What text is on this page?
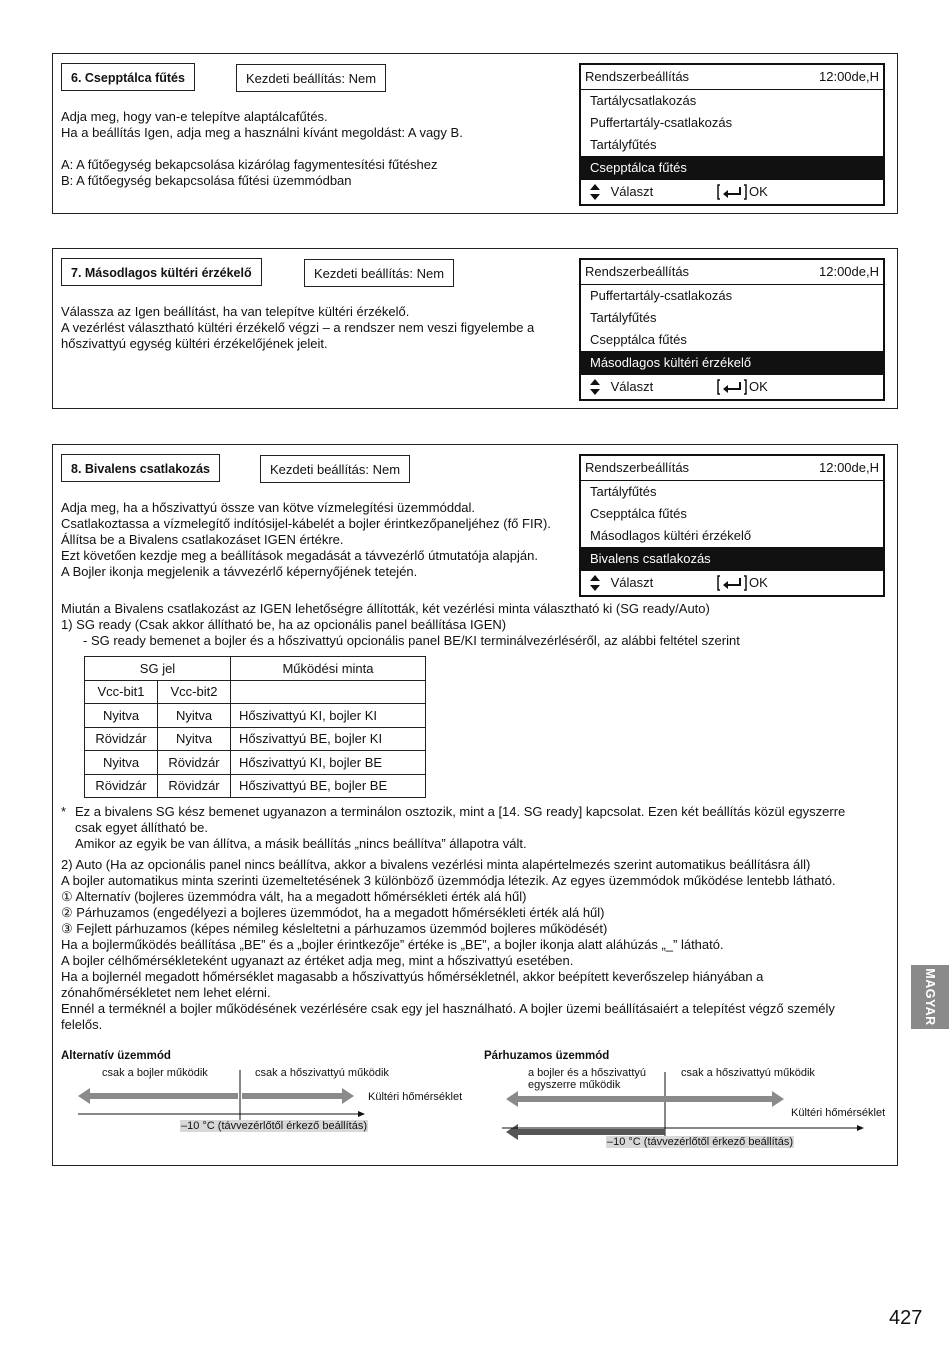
6. Csepptálca fűtés	Kezdeti beállítás: Nem
Adja meg, hogy van-e telepítve alaptálcafűtés.
Ha a beállítás Igen, adja meg a használni kívánt megoldást: A vagy B.
A: A fűtőegység bekapcsolása kizárólag fagymentesítési fűtéshez
B: A fűtőegység bekapcsolása fűtési üzemmódban
Rendszerbeállítás	12:00de,H
Tartálycsatlakozás
Puffertartály-csatlakozás
Tartályfűtés
Csepptálca fűtés
Választ	OK
7. Másodlagos kültéri érzékelő	Kezdeti beállítás: Nem
Válassza az Igen beállítást, ha van telepítve kültéri érzékelő.
A vezérlést választható kültéri érzékelő végzi – a rendszer nem veszi figyelembe a
hőszivattyú egység kültéri érzékelőjének jeleit.
Rendszerbeállítás	12:00de,H
Puffertartály-csatlakozás
Tartályfűtés
Csepptálca fűtés
Másodlagos kültéri érzékelő
Választ	OK
8. Bivalens csatlakozás	Kezdeti beállítás: Nem
Adja meg, ha a hőszivattyú össze van kötve vízmelegítési üzemmóddal.
Csatlakoztassa a vízmelegítő indítósijel-kábelét a bojler érintkezőpaneljéhez (fő FIR).
Állítsa be a Bivalens csatlakozáset IGEN értékre.
Ezt követően kezdje meg a beállítások megadását a távvezérlő útmutatója alapján.
A Bojler ikonja megjelenik a távvezérlő képernyőjének tetején.
Rendszerbeállítás	12:00de,H
Tartályfűtés
Csepptálca fűtés
Másodlagos kültéri érzékelő
Bivalens csatlakozás
Választ	OK
Miután a Bivalens csatlakozást az IGEN lehetőségre állították, két vezérlési minta választható ki (SG ready/Auto)
1) SG ready (Csak akkor állítható be, ha az opcionális panel beállítása IGEN)
- SG ready bemenet a bojler és a hőszivattyú opcionális panel BE/KI terminálvezérléséről, az alábbi feltétel szerint
SG jel		Működési minta
Vcc-bit1	Vcc-bit2	
Nyitva	Nyitva	Hőszivattyú KI, bojler KI
Rövidzár	Nyitva	Hőszivattyú BE, bojler KI
Nyitva	Rövidzár	Hőszivattyú KI, bojler BE
Rövidzár	Rövidzár	Hőszivattyú BE, bojler BE
* Ez a bivalens SG kész bemenet ugyanazon a terminálon osztozik, mint a [14. SG ready] kapcsolat. Ezen két beállítás közül egyszerre
csak egyet állítható be.
Amikor az egyik be van állítva, a másik beállítás „nincs beállítva” állapotra vált.
2) Auto (Ha az opcionális panel nincs beállítva, akkor a bivalens vezérlési minta alapértelmezés szerint automatikus beállításra áll)
A bojler automatikus minta szerinti üzemeltetésének 3 különböző üzemmódja létezik. Az egyes üzemmódok működése lentebb látható.
① Alternatív (bojleres üzemmódra vált, ha a megadott hőmérsékleti érték alá hűl)
② Párhuzamos (engedélyezi a bojleres üzemmódot, ha a megadott hőmérsékleti érték alá hűl)
③ Fejlett párhuzamos (képes némileg késleltetni a párhuzamos üzemmód bojleres működését)
Ha a bojlerműködés beállítása „BE” és a „bojler érintkezője” értéke is „BE”, a bojler ikonja alatt aláhúzás „_” látható.
A bojler célhőmérsékleteként ugyanazt az értéket adja meg, mint a hőszivattyú esetében.
Ha a bojlernél megadott hőmérséklet magasabb a hőszivattyús hőmérsékletnél, akkor beépített keverőszelep hiányában a
zónahőmérsékletet nem lehet elérni.
Ennél a terméknél a bojler működésének vezérlésére csak egy jel használható. A bojler üzemi beállításaiért a telepítést végző személy
felelős.
Alternatív üzemmód
csak a bojler működik	csak a hőszivattyú működik
Kültéri hőmérséklet
–10 °C (távvezérlőtől érkező beállítás)
Párhuzamos üzemmód
a bojler és a hőszivattyú
egyszerre működik
csak a hőszivattyú működik
Kültéri hőmérséklet
–10 °C (távvezérlőtől érkező beállítás)
MAGYAR
427
